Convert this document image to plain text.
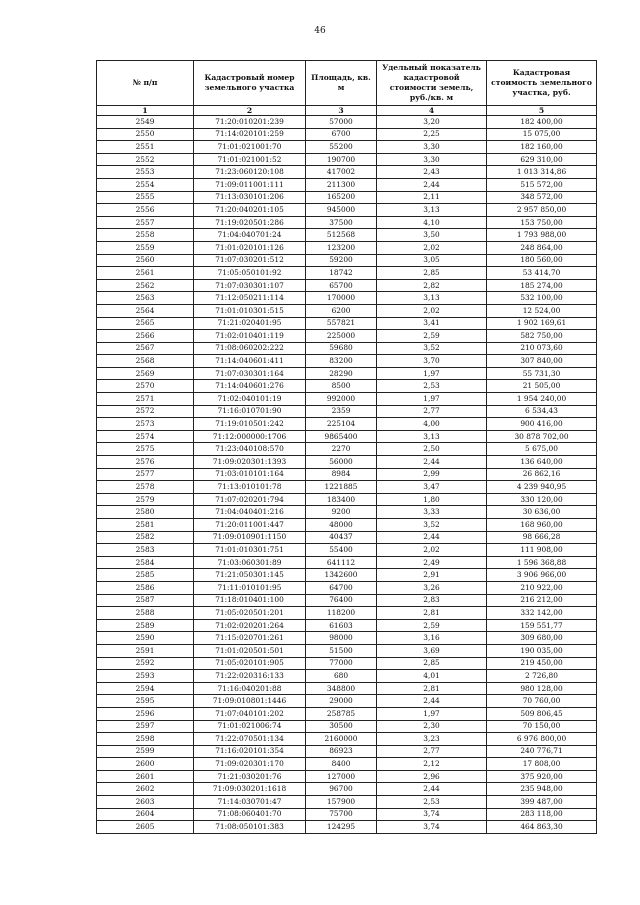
46
№ п/п	Кадастровый номер земельного участка	Площадь, кв. м	Удельный показатель кадастровой стоимости земель, руб./кв. м	Кадастровая стоимость земельного участка, руб.
1	2	3	4	5
2549	71:20:010201:239	57000	3,20	182 400,00
2550	71:14:020101:259	6700	2,25	15 075,00
2551	71:01:021001:70	55200	3,30	182 160,00
2552	71:01:021001:52	190700	3,30	629 310,00
2553	71:23:060120:108	417002	2,43	1 013 314,86
2554	71:09:011001:111	211300	2,44	515 572,00
2555	71:13:030101:206	165200	2,11	348 572,00
2556	71:20:040201:105	945000	3,13	2 957 850,00
2557	71:19:020501:286	37500	4,10	153 750,00
2558	71:04:040701:24	512568	3,50	1 793 988,00
2559	71:01:020101:126	123200	2,02	248 864,00
2560	71:07:030201:512	59200	3,05	180 560,00
2561	71:05:050101:92	18742	2,85	53 414,70
2562	71:07:030301:107	65700	2,82	185 274,00
2563	71:12:050211:114	170000	3,13	532 100,00
2564	71:01:010301:515	6200	2,02	12 524,00
2565	71:21:020401:95	557821	3,41	1 902 169,61
2566	71:02:010401:119	225000	2,59	582 750,00
2567	71:08:060202:222	59680	3,52	210 073,60
2568	71:14:040601:411	83200	3,70	307 840,00
2569	71:07:030301:164	28290	1,97	55 731,30
2570	71:14:040601:276	8500	2,53	21 505,00
2571	71:02:040101:19	992000	1,97	1 954 240,00
2572	71:16:010701:90	2359	2,77	6 534,43
2573	71:19:010501:242	225104	4,00	900 416,00
2574	71:12:000000:1706	9865400	3,13	30 878 702,00
2575	71:23:040108:570	2270	2,50	5 675,00
2576	71:09:020301:1393	56000	2,44	136 640,00
2577	71:03:010101:164	8984	2,99	26 862,16
2578	71:13:010101:78	1221885	3,47	4 239 940,95
2579	71:07:020201:794	183400	1,80	330 120,00
2580	71:04:040401:216	9200	3,33	30 636,00
2581	71:20:011001:447	48000	3,52	168 960,00
2582	71:09:010901:1150	40437	2,44	98 666,28
2583	71:01:010301:751	55400	2,02	111 908,00
2584	71:03:060301:89	641112	2,49	1 596 368,88
2585	71:21:050301:145	1342600	2,91	3 906 966,00
2586	71:11:010101:95	64700	3,26	210 922,00
2587	71:18:010401:100	76400	2,83	216 212,00
2588	71:05:020501:201	118200	2,81	332 142,00
2589	71:02:020201:264	61603	2,59	159 551,77
2590	71:15:020701:261	98000	3,16	309 680,00
2591	71:01:020501:501	51500	3,69	190 035,00
2592	71:05:020101:905	77000	2,85	219 450,00
2593	71:22:020316:133	680	4,01	2 726,80
2594	71:16:040201:88	348800	2,81	980 128,00
2595	71:09:010801:1446	29000	2,44	70 760,00
2596	71:07:040101:202	258785	1,97	509 806,45
2597	71:01:021006:74	30500	2,30	70 150,00
2598	71:22:070501:134	2160000	3,23	6 976 800,00
2599	71:16:020101:354	86923	2,77	240 776,71
2600	71:09:020301:170	8400	2,12	17 808,00
2601	71:21:030201:76	127000	2,96	375 920,00
2602	71:09:030201:1618	96700	2,44	235 948,00
2603	71:14:030701:47	157900	2,53	399 487,00
2604	71:08:060401:70	75700	3,74	283 118,00
2605	71:08:050101:383	124295	3,74	464 863,30
